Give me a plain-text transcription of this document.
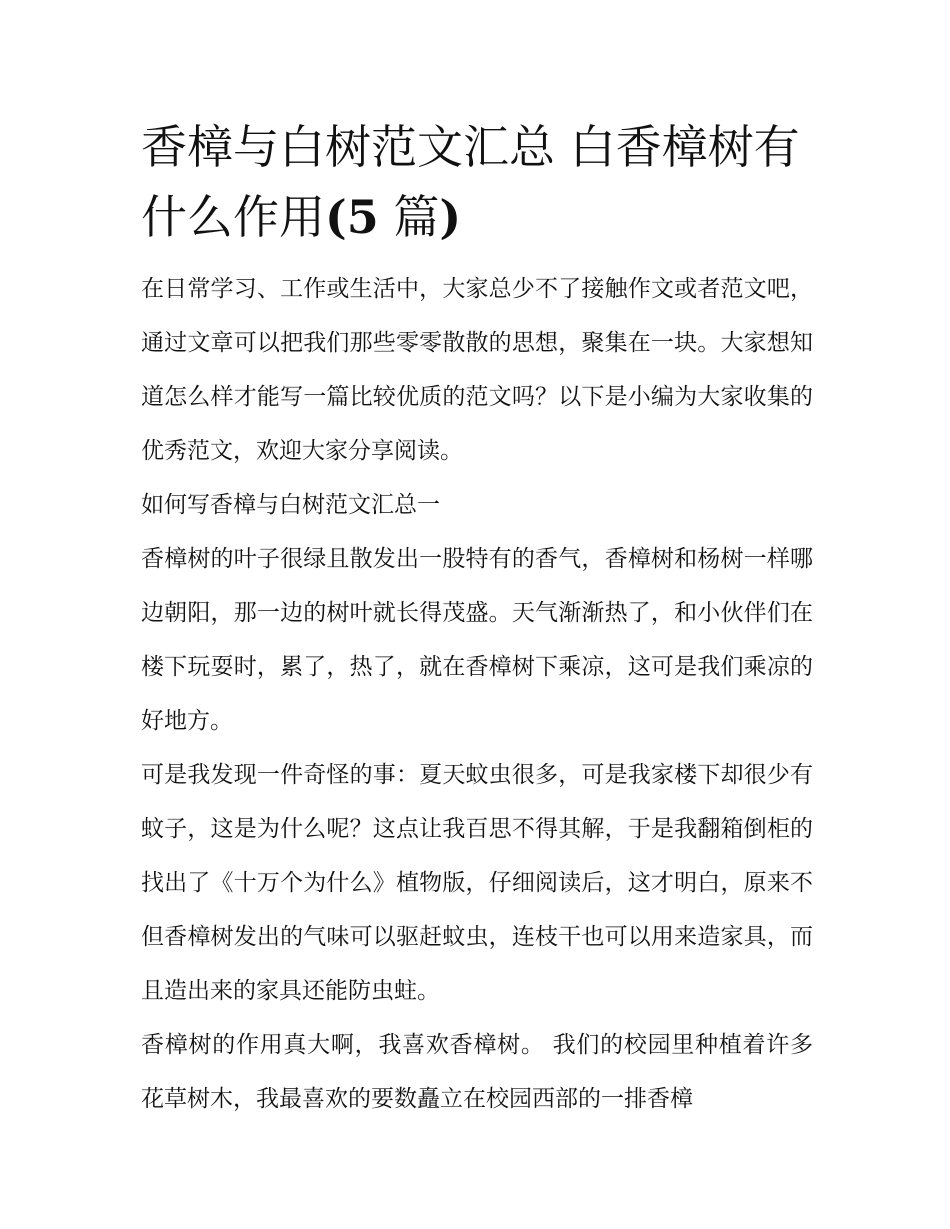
香樟与白树范文汇总 白香樟树有什么作用(5 篇)

在日常学习、工作或生活中，大家总少不了接触作文或者范文吧，通过文章可以把我们那些零零散散的思想，聚集在一块。大家想知道怎么样才能写一篇比较优质的范文吗？以下是小编为大家收集的优秀范文，欢迎大家分享阅读。

如何写香樟与白树范文汇总一

香樟树的叶子很绿且散发出一股特有的香气，香樟树和杨树一样哪边朝阳，那一边的树叶就长得茂盛。天气渐渐热了，和小伙伴们在楼下玩耍时，累了，热了，就在香樟树下乘凉，这可是我们乘凉的好地方。

可是我发现一件奇怪的事：夏天蚊虫很多，可是我家楼下却很少有蚊子，这是为什么呢？这点让我百思不得其解，于是我翻箱倒柜的找出了《十万个为什么》植物版，仔细阅读后，这才明白，原来不但香樟树发出的气味可以驱赶蚊虫，连枝干也可以用来造家具，而且造出来的家具还能防虫蛀。

香樟树的作用真大啊，我喜欢香樟树。 我们的校园里种植着许多花草树木，我最喜欢的要数矗立在校园西部的一排香樟
